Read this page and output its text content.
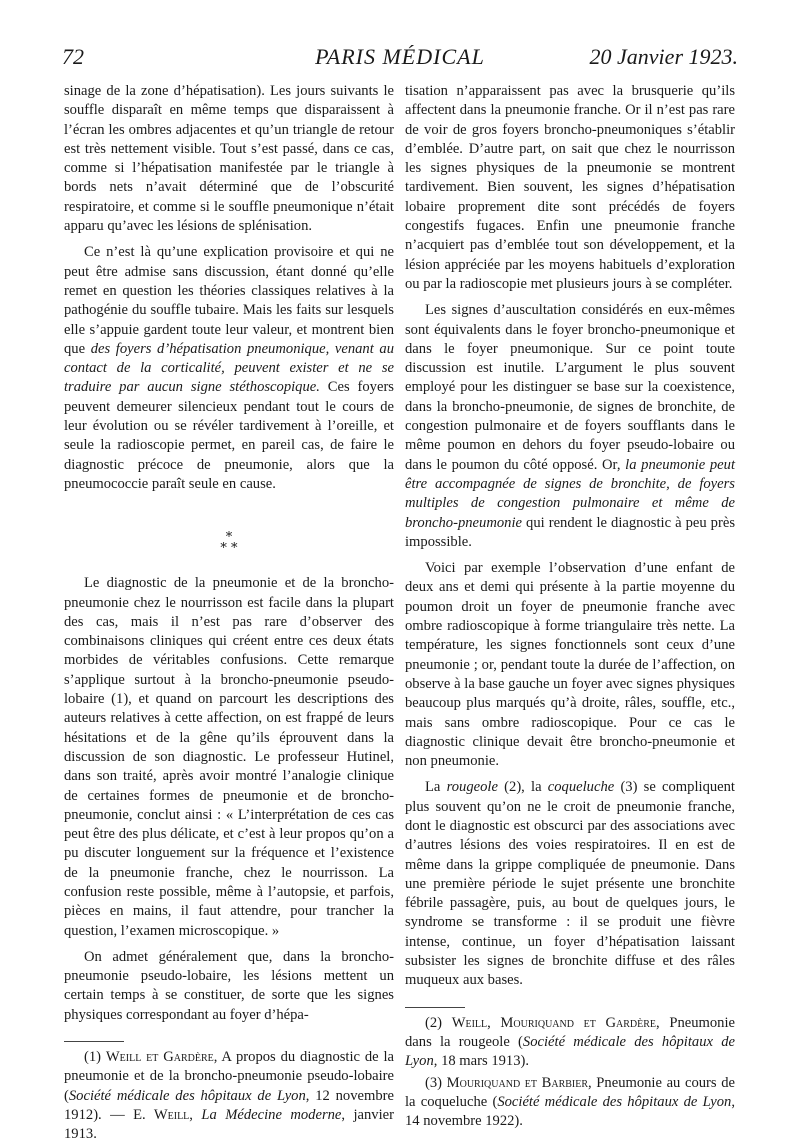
72	PARIS MÉDICAL	20 Janvier 1923.

sinage de la zone d’hépatisation). Les jours suivants le souffle disparaît en même temps que disparaissent à l’écran les ombres adjacentes et qu’un triangle de retour est très nettement visible. Tout s’est passé, dans ce cas, comme si l’hépatisation manifestée par le triangle à bords nets n’avait déterminé que de l’obscurité respiratoire, et comme si le souffle pneumonique n’était apparu qu’avec les lésions de splénisation.

Ce n’est là qu’une explication provisoire et qui ne peut être admise sans discussion, étant donné qu’elle remet en question les théories classiques relatives à la pathogénie du souffle tubaire. Mais les faits sur lesquels elle s’appuie gardent toute leur valeur, et montrent bien que des foyers d’hépatisation pneumonique, venant au contact de la corticalité, peuvent exister et ne se traduire par aucun signe stéthoscopique. Ces foyers peuvent demeurer silencieux pendant tout le cours de leur évolution ou se révéler tardivement à l’oreille, et seule la radioscopie permet, en pareil cas, de faire le diagnostic précoce de pneumonie, alors que la pneumococcie paraît seule en cause.

*
* *

Le diagnostic de la pneumonie et de la broncho-pneumonie chez le nourrisson est facile dans la plupart des cas, mais il n’est pas rare d’observer des combinaisons cliniques qui créent entre ces deux états morbides de véritables confusions. Cette remarque s’applique surtout à la broncho-pneumonie pseudo-lobaire (1), et quand on parcourt les descriptions des auteurs relatives à cette affection, on est frappé de leurs hésitations et de la gêne qu’ils éprouvent dans la discussion de son diagnostic. Le professeur Hutinel, dans son traité, après avoir montré l’analogie clinique de certaines formes de pneumonie et de broncho-pneumonie, conclut ainsi : « L’interprétation de ces cas peut être des plus délicate, et c’est à leur propos qu’on a pu discuter longuement sur la fréquence et l’existence de la pneumonie franche, chez le nourrisson. La confusion reste possible, même à l’autopsie, et parfois, pièces en mains, il faut attendre, pour trancher la question, l’examen microscopique. »

On admet généralement que, dans la broncho-pneumonie pseudo-lobaire, les lésions mettent un certain temps à se constituer, de sorte que les signes physiques correspondant au foyer d’hépa-

(1) Weill et Gardère, A propos du diagnostic de la pneumonie et de la broncho-pneumonie pseudo-lobaire (Société médicale des hôpitaux de Lyon, 12 novembre 1912). — E. Weill, La Médecine moderne, janvier 1913.

tisation n’apparaissent pas avec la brusquerie qu’ils affectent dans la pneumonie franche. Or il n’est pas rare de voir de gros foyers broncho-pneumoniques s’établir d’emblée. D’autre part, on sait que chez le nourrisson les signes physiques de la pneumonie se montrent tardivement. Bien souvent, les signes d’hépatisation lobaire proprement dite sont précédés de foyers congestifs fugaces. Enfin une pneumonie franche n’acquiert pas d’emblée tout son développement, et la lésion appréciée par les moyens habituels d’exploration ou par la radioscopie met plusieurs jours à se compléter.

Les signes d’auscultation considérés en eux-mêmes sont équivalents dans le foyer broncho-pneumonique et dans le foyer pneumonique. Sur ce point toute discussion est inutile. L’argument le plus souvent employé pour les distinguer se base sur la coexistence, dans la broncho-pneumonie, de signes de bronchite, de congestion pulmonaire et de foyers soufflants dans le même poumon en dehors du foyer pseudo-lobaire ou dans le poumon du côté opposé. Or, la pneumonie peut être accompagnée de signes de bronchite, de foyers multiples de congestion pulmonaire et même de broncho-pneumonie qui rendent le diagnostic à peu près impossible.

Voici par exemple l’observation d’une enfant de deux ans et demi qui présente à la partie moyenne du poumon droit un foyer de pneumonie franche avec ombre radioscopique à forme triangulaire très nette. La température, les signes fonctionnels sont ceux d’une pneumonie ; or, pendant toute la durée de l’affection, on observe à la base gauche un foyer avec signes physiques beaucoup plus marqués qu’à droite, râles, souffle, etc., mais sans ombre radioscopique. Pour ce cas le diagnostic clinique devait être broncho-pneumonie et non pneumonie.

La rougeole (2), la coqueluche (3) se compliquent plus souvent qu’on ne le croit de pneumonie franche, dont le diagnostic est obscurci par des associations avec d’autres lésions des voies respiratoires. Il en est de même dans la grippe compliquée de pneumonie. Dans une première période le sujet présente une bronchite fébrile passagère, puis, au bout de quelques jours, le syndrome se transforme : il se produit une fièvre intense, continue, un foyer d’hépatisation laissant subsister les signes de bronchite diffuse et des râles muqueux aux bases.

(2) Weill, Mouriquand et Gardère, Pneumonie dans la rougeole (Société médicale des hôpitaux de Lyon, 18 mars 1913).

(3) Mouriquand et Barbier, Pneumonie au cours de la coqueluche (Société médicale des hôpitaux de Lyon, 14 novembre 1922).
